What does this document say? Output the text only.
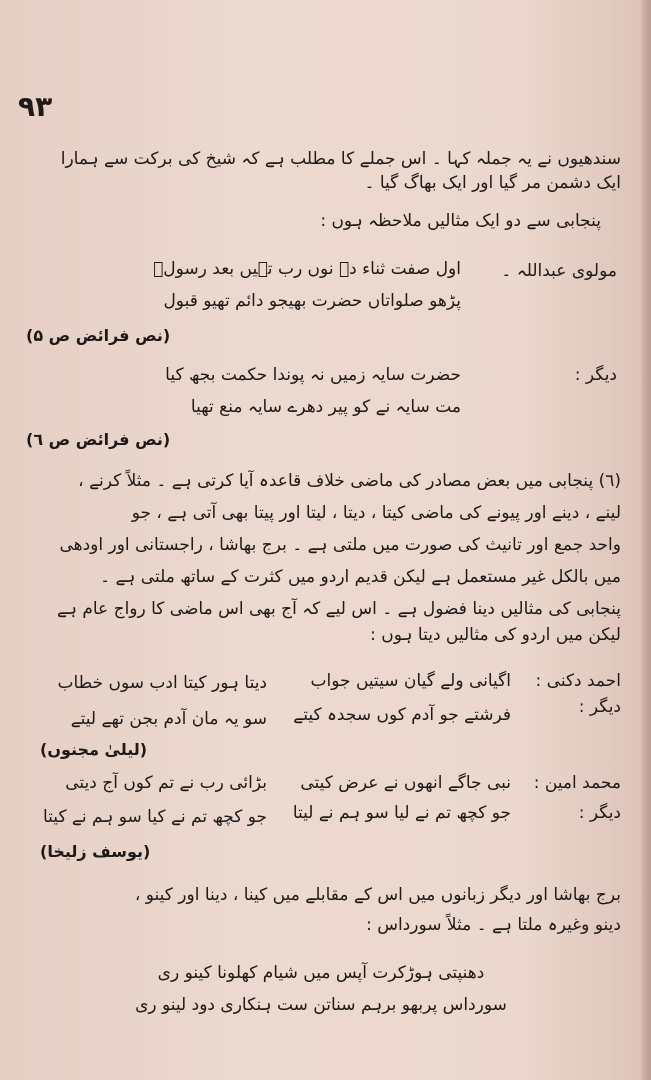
۹۳
سندھیوں نے یہ جملہ کہا ۔ اس جملے کا مطلب ہے کہ شیخ کی برکت سے ہمارا
ایک دشمن مر گیا اور ایک بھاگ گیا ۔
پنجابی سے دو ایک مثالیں ملاحظہ ہوں :
مولوی عبداللہ ۔
اول صفت ثناء دے نوں رب تہیں بعد رسولؐ
پڑھو صلواتاں حضرت بھیجو دائم تھیو قبول
(نص فرائض ص ۵)
دیگر :
حضرت سایہ زمیں نہ پوندا حکمت بجھ کیا
مت سایہ نے کو پیر دھرے سایہ منع تھیا
(نص فرائض ص ٦)
(٦) پنجابی میں بعض مصادر کی ماضی خلاف قاعدہ آیا کرتی ہے ۔ مثلاً کرنے ،
لینے ، دینے اور پیونے کی ماضی کیتا ، دیتا ، لیتا اور پیتا بھی آتی ہے ، جو
واحد جمع اور تانیث کی صورت میں ملتی ہے ۔ برج بھاشا ، راجستانی اور اودھی
میں بالکل غیر مستعمل ہے لیکن قدیم اردو میں کثرت کے ساتھ ملتی ہے ۔
پنجابی کی مثالیں دینا فضول ہے ۔ اس لیے کہ آج بھی اس ماضی کا رواج عام ہے
لیکن میں اردو کی مثالیں دیتا ہوں :
احمد دکنی :
اگیانی ولے گیان سیتیں جواب
دیتا ہور کیتا ادب سوں خطاب
دیگر :
فرشتے جو آدم کوں سجدہ کیتے
سو یہ مان آدم بجن تھے لیتے
(لیلیٰ مجنوں)
محمد امین :
نبی جاگے انھوں نے عرض کیتی
بڑائی رب نے تم کوں آج دیتی
دیگر :
جو کچھ تم نے لیا سو ہم نے لیتا
جو کچھ تم نے کیا سو ہم نے کیتا
(یوسف زلیخا)
برج بھاشا اور دیگر زبانوں میں اس کے مقابلے میں کینا ، دینا اور کینو ،
دینو وغیرہ ملتا ہے ۔ مثلاً سورداس :
دھنپتی ہوڑکرت آپس میں شیام کھلونا کینو ری
سورداس پربھو برہم سناتن ست ہنکاری دود لینو ری
